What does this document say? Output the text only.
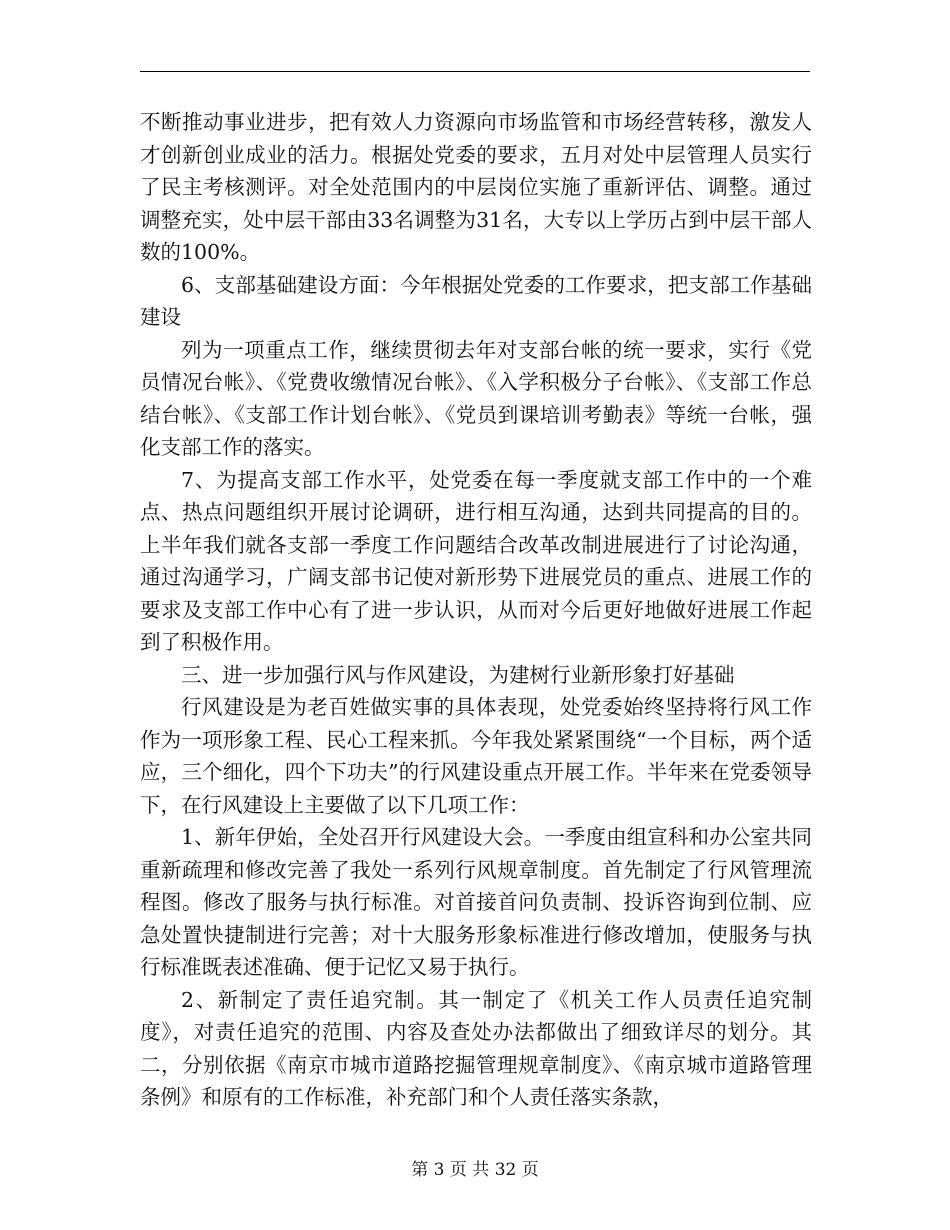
不断推动事业进步，把有效人力资源向市场监管和市场经营转移，激发人才创新创业成业的活力。根据处党委的要求，五月对处中层管理人员实行了民主考核测评。对全处范围内的中层岗位实施了重新评估、调整。通过调整充实，处中层干部由33名调整为31名，大专以上学历占到中层干部人数的100%。

6、支部基础建设方面：今年根据处党委的工作要求，把支部工作基础建设

列为一项重点工作，继续贯彻去年对支部台帐的统一要求，实行《党员情况台帐》、《党费收缴情况台帐》、《入学积极分子台帐》、《支部工作总结台帐》、《支部工作计划台帐》、《党员到课培训考勤表》等统一台帐，强化支部工作的落实。

7、为提高支部工作水平，处党委在每一季度就支部工作中的一个难点、热点问题组织开展讨论调研，进行相互沟通，达到共同提高的目的。上半年我们就各支部一季度工作问题结合改革改制进展进行了讨论沟通，通过沟通学习，广阔支部书记使对新形势下进展党员的重点、进展工作的要求及支部工作中心有了进一步认识，从而对今后更好地做好进展工作起到了积极作用。

三、进一步加强行风与作风建设，为建树行业新形象打好基础

行风建设是为老百姓做实事的具体表现，处党委始终坚持将行风工作作为一项形象工程、民心工程来抓。今年我处紧紧围绕“一个目标，两个适应，三个细化，四个下功夫”的行风建设重点开展工作。半年来在党委领导下，在行风建设上主要做了以下几项工作：

1、新年伊始，全处召开行风建设大会。一季度由组宣科和办公室共同重新疏理和修改完善了我处一系列行风规章制度。首先制定了行风管理流程图。修改了服务与执行标准。对首接首问负责制、投诉咨询到位制、应急处置快捷制进行完善；对十大服务形象标准进行修改增加，使服务与执行标准既表述准确、便于记忆又易于执行。

2、新制定了责任追究制。其一制定了《机关工作人员责任追究制度》，对责任追究的范围、内容及查处办法都做出了细致详尽的划分。其二，分别依据《南京市城市道路挖掘管理规章制度》、《南京城市道路管理条例》和原有的工作标准，补充部门和个人责任落实条款，

第 3 页 共 32 页
